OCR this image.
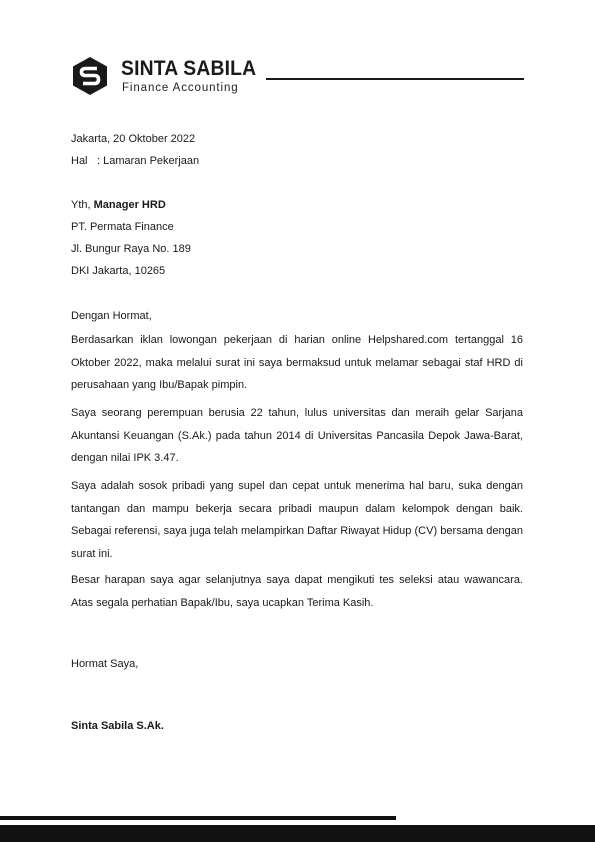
SINTA SABILA
Finance Accounting
Jakarta, 20 Oktober 2022
Hal : Lamaran Pekerjaan
Yth, Manager HRD
PT. Permata Finance
Jl. Bungur Raya No. 189
DKI Jakarta, 10265
Dengan Hormat,
Berdasarkan iklan lowongan pekerjaan di harian online Helpshared.com tertanggal 16 Oktober 2022, maka melalui surat ini saya bermaksud untuk melamar sebagai staf HRD di perusahaan yang Ibu/Bapak pimpin.
Saya seorang perempuan berusia 22 tahun, lulus universitas dan meraih gelar Sarjana Akuntansi Keuangan (S.Ak.) pada tahun 2014 di Universitas Pancasila Depok Jawa-Barat, dengan nilai IPK 3.47.
Saya adalah sosok pribadi yang supel dan cepat untuk menerima hal baru, suka dengan tantangan dan mampu bekerja secara pribadi maupun dalam kelompok dengan baik. Sebagai referensi, saya juga telah melampirkan Daftar Riwayat Hidup (CV) bersama dengan surat ini.
Besar harapan saya agar selanjutnya saya dapat mengikuti tes seleksi atau wawancara. Atas segala perhatian Bapak/Ibu, saya ucapkan Terima Kasih.
Hormat Saya,
Sinta Sabila S.Ak.
